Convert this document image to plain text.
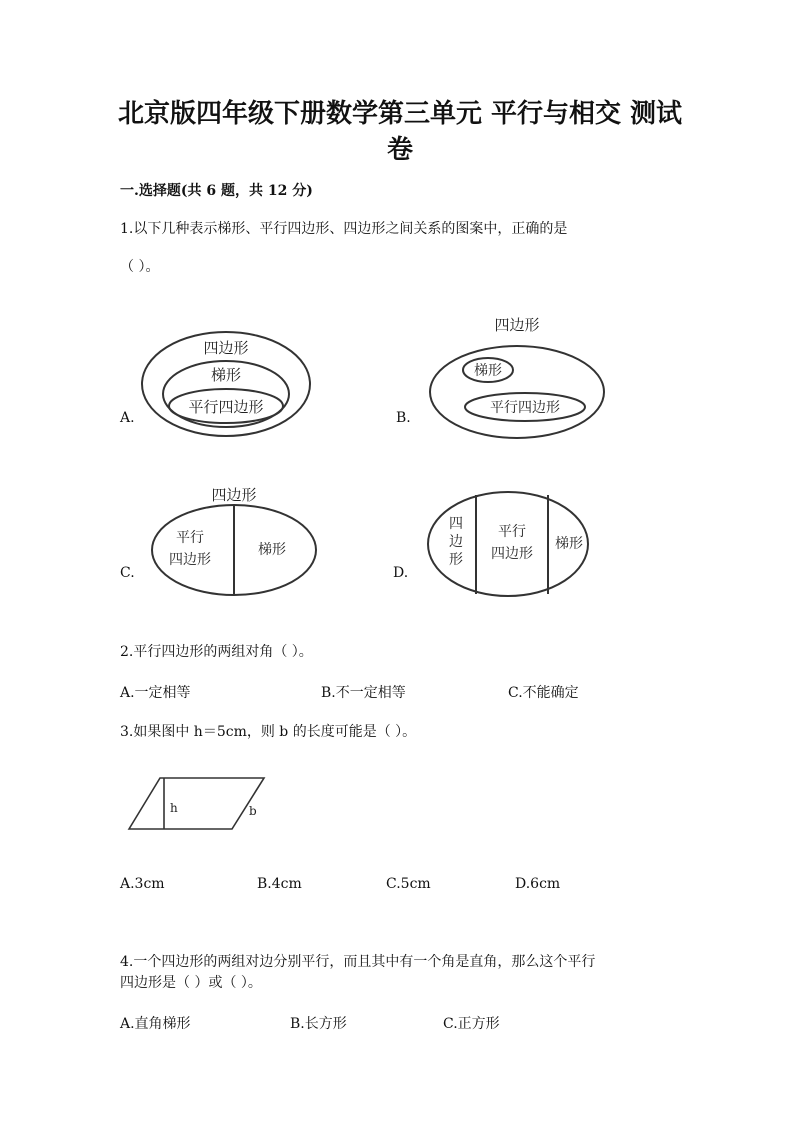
北京版四年级下册数学第三单元 平行与相交 测试
卷
一.选择题(共 6 题，共 12 分)
1.以下几种表示梯形、平行四边形、四边形之间关系的图案中，正确的是
（ ）。
A.
四边形
梯形
平行四边形
B.
四边形
梯形
平行四边形
C.
四边形
平行
四边形
梯形
D.
四
边
形
平行
四边形
梯形
2.平行四边形的两组对角（ ）。
A.一定相等	B.不一定相等	C.不能确定
3.如果图中 h＝5cm，则 b 的长度可能是（ ）。
h	b
A.3cm	B.4cm	C.5cm	D.6cm
4.一个四边形的两组对边分别平行，而且其中有一个角是直角，那么这个平行
四边形是（ ）或（ ）。
A.直角梯形	B.长方形	C.正方形
